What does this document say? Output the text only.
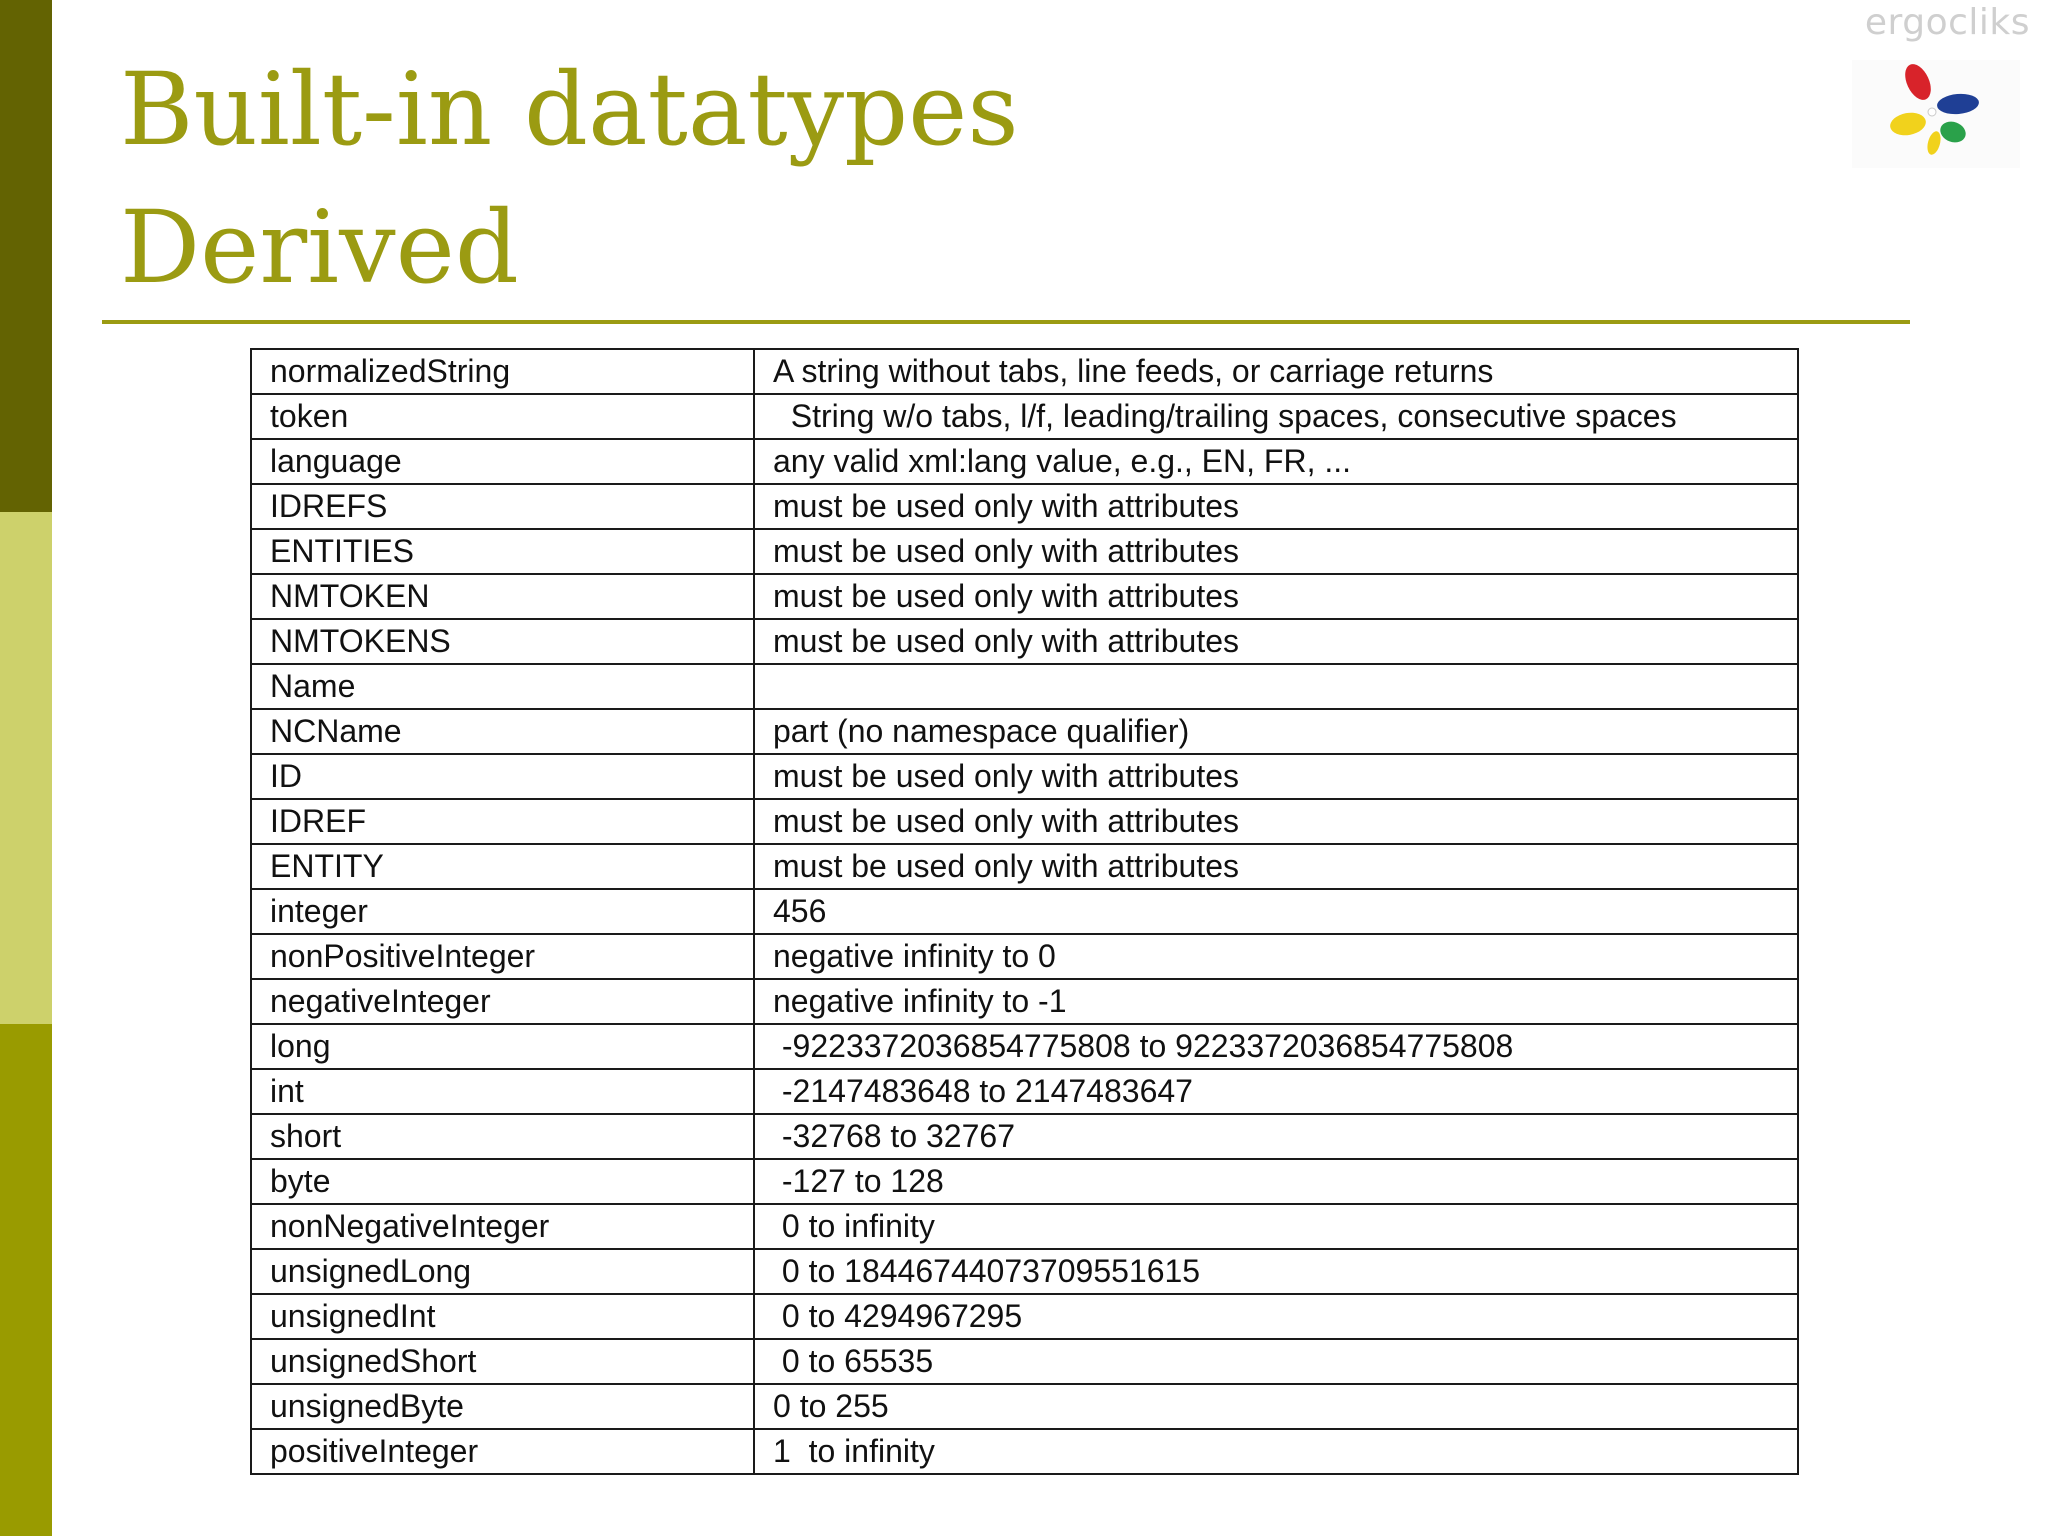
ergocliks
Built-in datatypes
Derived
normalizedString	A string without tabs, line feeds, or carriage returns
token	String w/o tabs, l/f, leading/trailing spaces, consecutive spaces
language	any valid xml:lang value, e.g., EN, FR, ...
IDREFS	must be used only with attributes
ENTITIES	must be used only with attributes
NMTOKEN	must be used only with attributes
NMTOKENS	must be used only with attributes
Name	
NCName	part (no namespace qualifier)
ID	must be used only with attributes
IDREF	must be used only with attributes
ENTITY	must be used only with attributes
integer	456
nonPositiveInteger	negative infinity to 0
negativeInteger	negative infinity to -1
long	-9223372036854775808 to 9223372036854775808
int	-2147483648 to 2147483647
short	-32768 to 32767
byte	-127 to 128
nonNegativeInteger	0 to infinity
unsignedLong	0 to 18446744073709551615
unsignedInt	0 to 4294967295
unsignedShort	0 to 65535
unsignedByte	0 to 255
positiveInteger	1  to infinity
